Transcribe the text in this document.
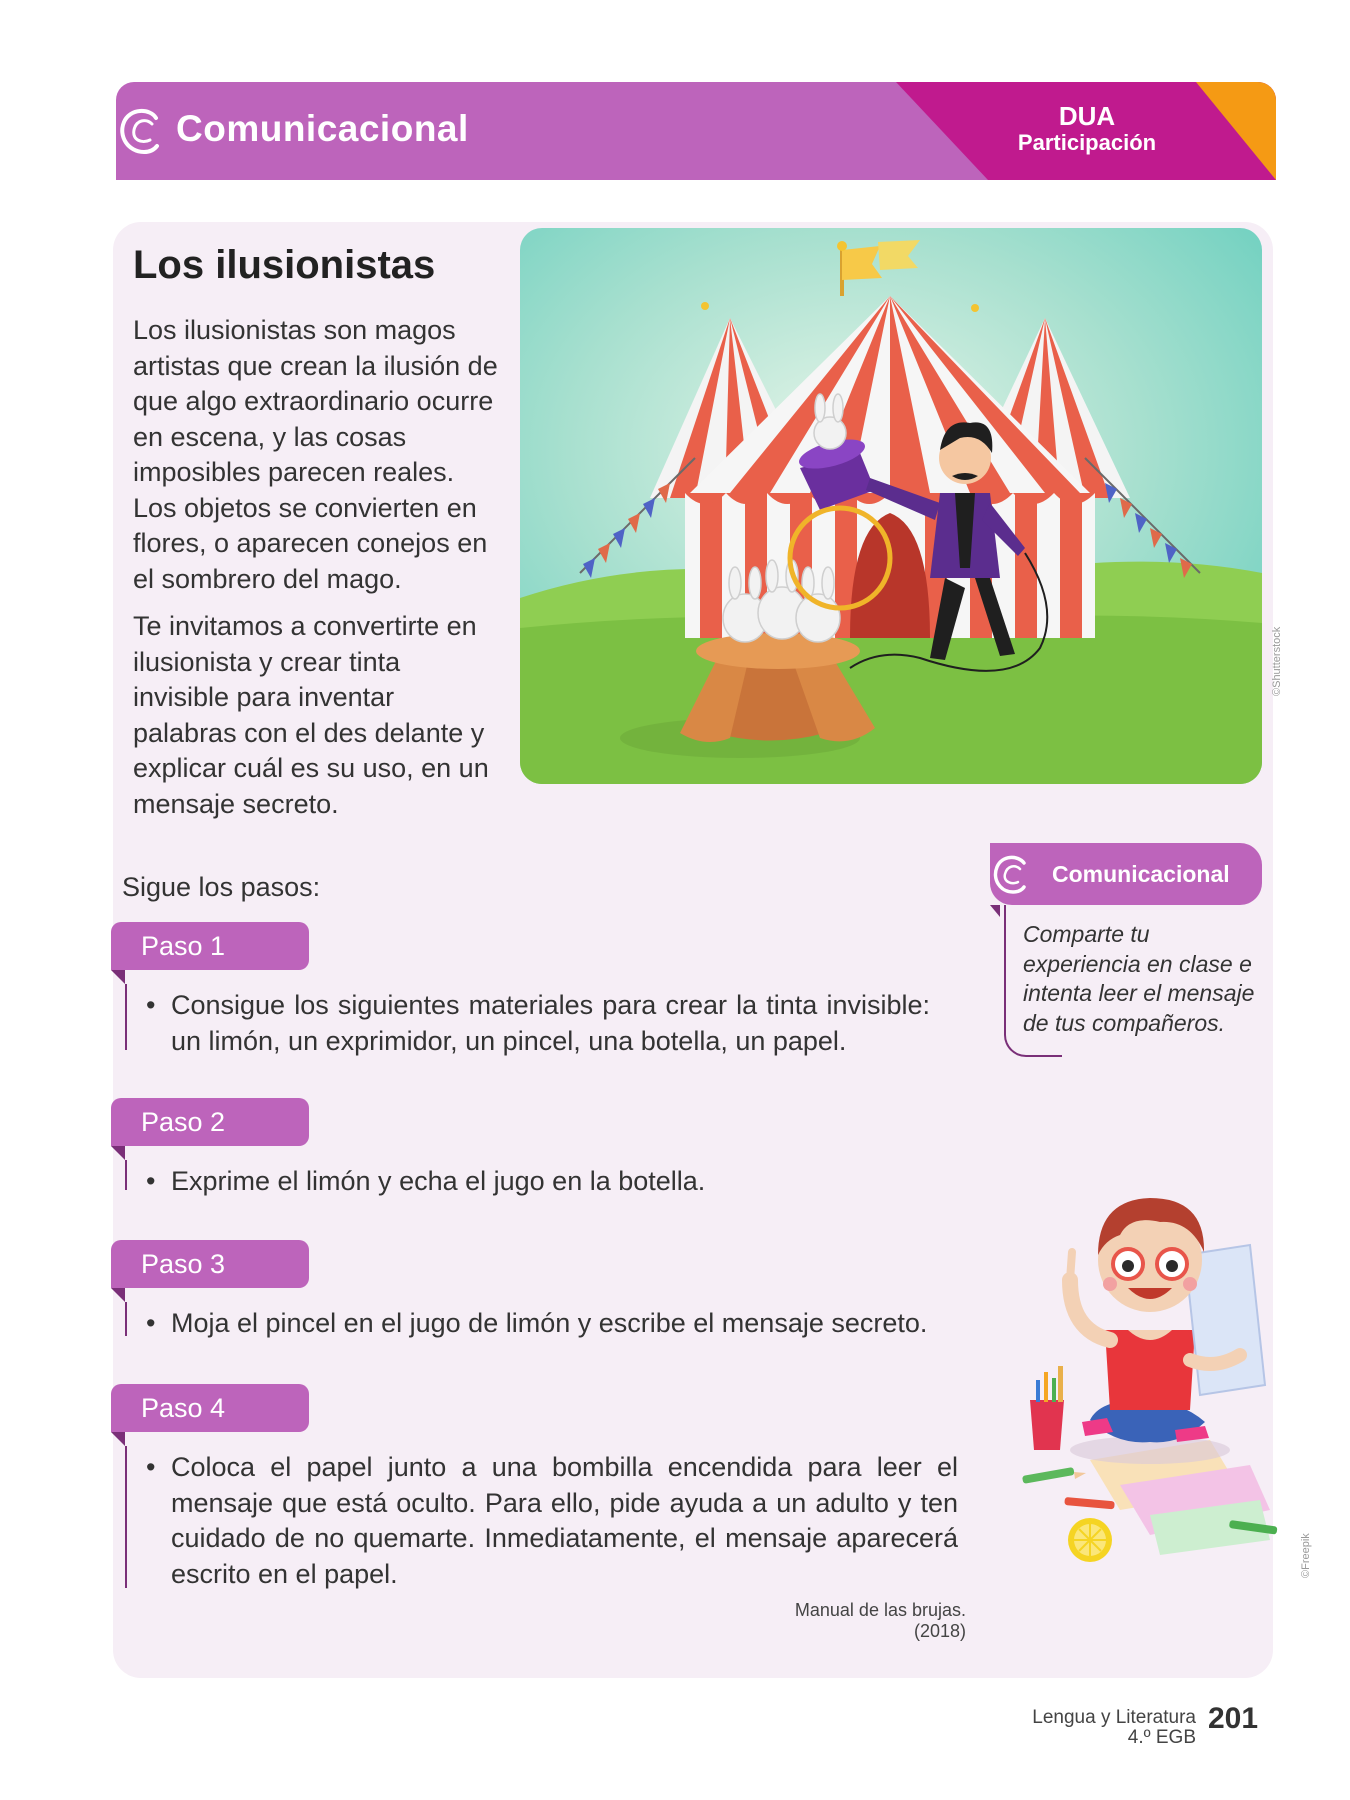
Comunicacional	DUA
Participación
Los ilusionistas

Los ilusionistas son magos artistas que crean la ilusión de que algo extraordinario ocurre en escena, y las cosas imposibles parecen reales. Los objetos se convierten en flores, o aparecen conejos en el sombrero del mago.

Te invitamos a convertirte en ilusionista y crear tinta invisible para inventar palabras con el des delante y explicar cuál es su uso, en un mensaje secreto.

©Shutterstock
Sigue los pasos:
Paso 1
• Consigue los siguientes materiales para crear la tinta invisible: un limón, un exprimidor, un pincel, una botella, un papel.
Paso 2
• Exprime el limón y echa el jugo en la botella.
Paso 3
• Moja el pincel en el jugo de limón y escribe el mensaje secreto.
Paso 4
• Coloca el papel junto a una bombilla encendida para leer el mensaje que está oculto. Para ello, pide ayuda a un adulto y ten cuidado de no quemarte. Inmediatamente, el mensaje aparecerá escrito en el papel.
Manual de las brujas. (2018)
Comunicacional
Comparte tu experiencia en clase e intenta leer el mensaje de tus compañeros.
©Freepik
Lengua y Literatura
4.º EGB
201
